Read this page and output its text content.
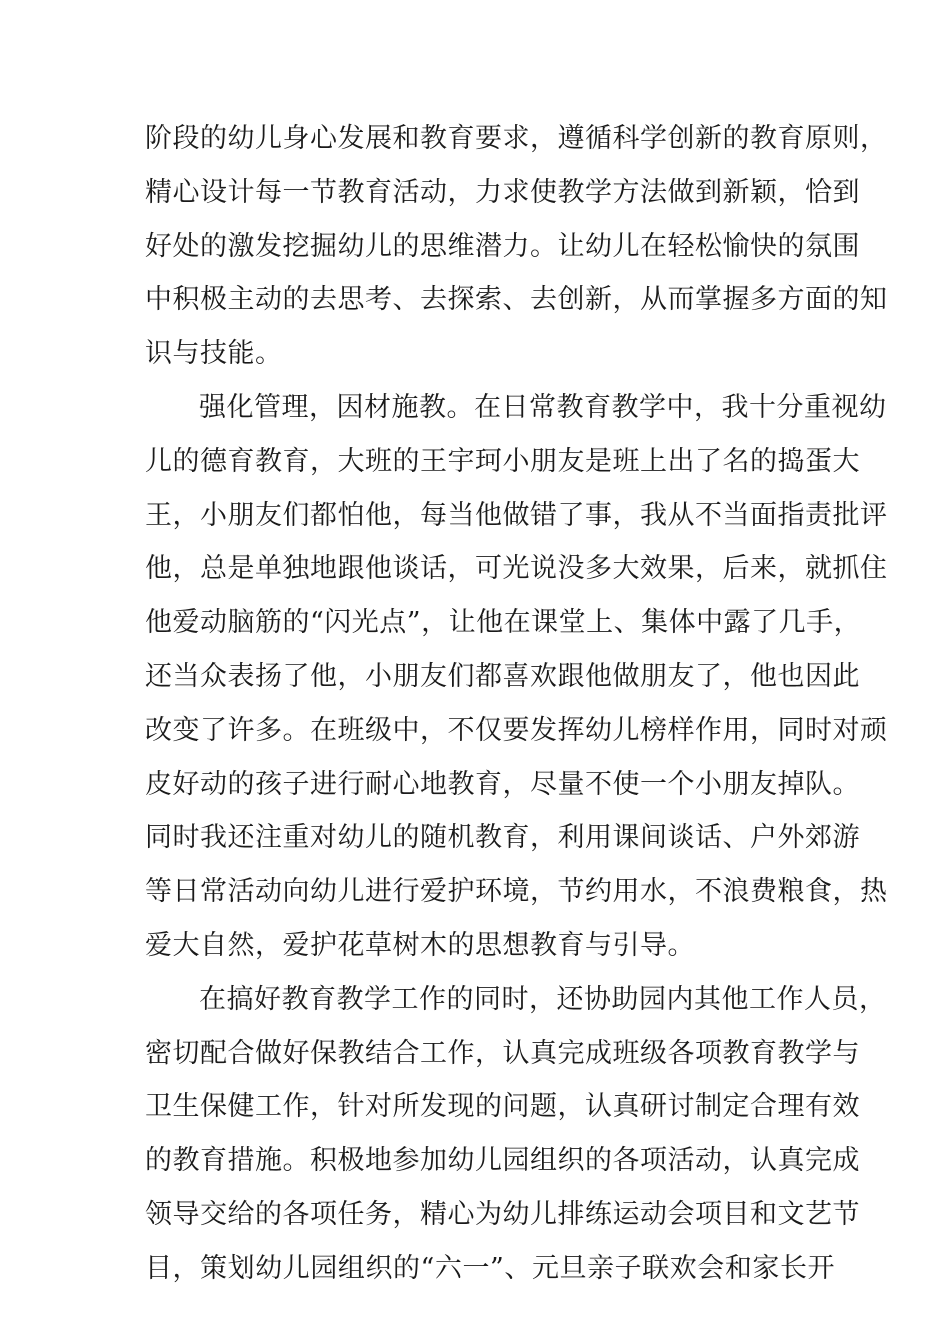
阶段的幼儿身心发展和教育要求，遵循科学创新的教育原则，
精心设计每一节教育活动，力求使教学方法做到新颖，恰到
好处的激发挖掘幼儿的思维潜力。让幼儿在轻松愉快的氛围
中积极主动的去思考、去探索、去创新，从而掌握多方面的知
识与技能。
强化管理，因材施教。在日常教育教学中，我十分重视幼
儿的德育教育，大班的王宇珂小朋友是班上出了名的捣蛋大
王，小朋友们都怕他，每当他做错了事，我从不当面指责批评
他，总是单独地跟他谈话，可光说没多大效果，后来，就抓住
他爱动脑筋的“闪光点”，让他在课堂上、集体中露了几手，
还当众表扬了他，小朋友们都喜欢跟他做朋友了，他也因此
改变了许多。在班级中，不仅要发挥幼儿榜样作用，同时对顽
皮好动的孩子进行耐心地教育，尽量不使一个小朋友掉队。
同时我还注重对幼儿的随机教育，利用课间谈话、户外郊游
等日常活动向幼儿进行爱护环境，节约用水，不浪费粮食，热
爱大自然，爱护花草树木的思想教育与引导。
在搞好教育教学工作的同时，还协助园内其他工作人员，
密切配合做好保教结合工作，认真完成班级各项教育教学与
卫生保健工作，针对所发现的问题，认真研讨制定合理有效
的教育措施。积极地参加幼儿园组织的各项活动，认真完成
领导交给的各项任务，精心为幼儿排练运动会项目和文艺节
目，策划幼儿园组织的“六一”、元旦亲子联欢会和家长开
